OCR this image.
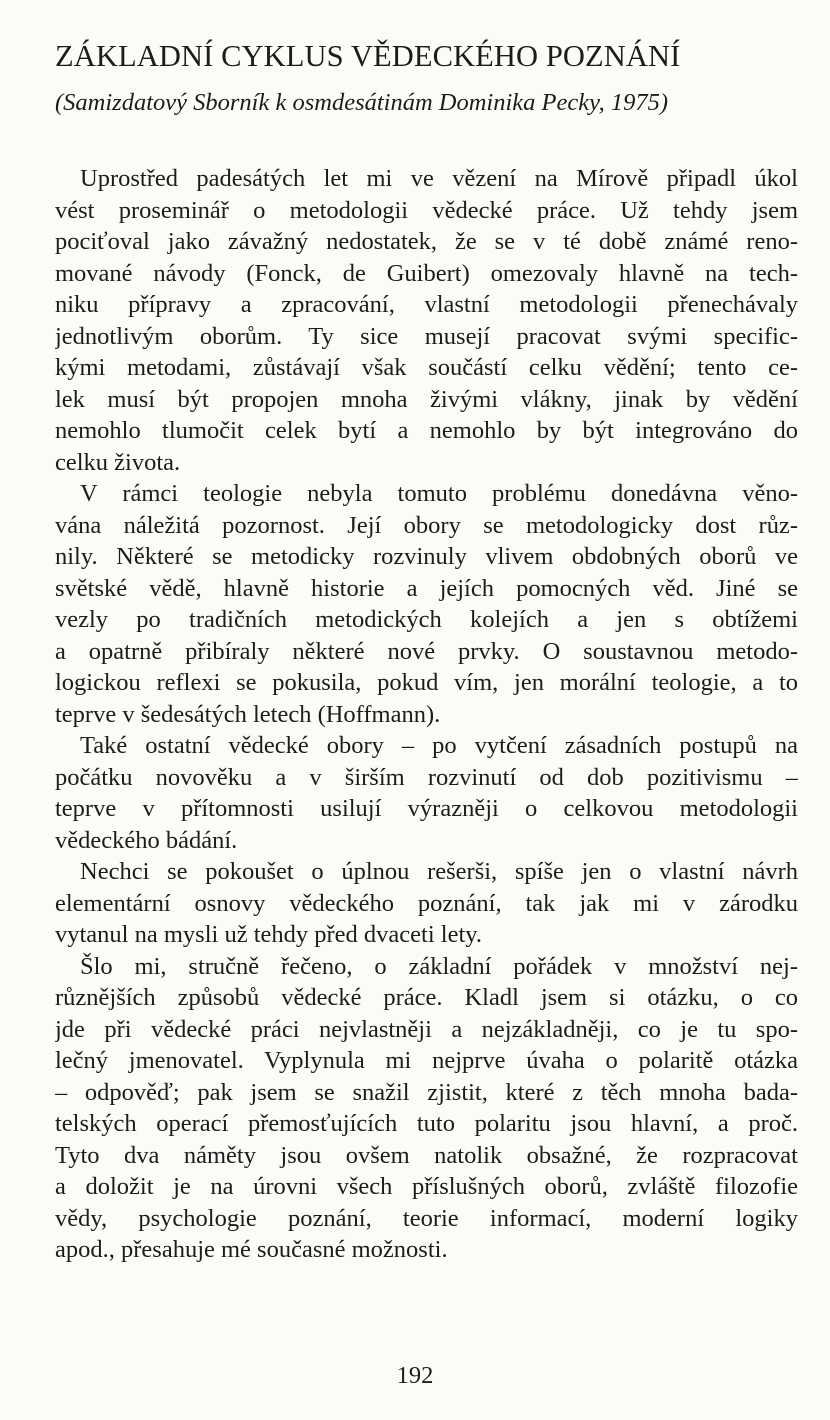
ZÁKLADNÍ CYKLUS VĚDECKÉHO POZNÁNÍ
(Samizdatový Sborník k osmdesátinám Dominika Pecky, 1975)

Uprostřed padesátých let mi ve vězení na Mírově připadl úkol
vést proseminář o metodologii vědecké práce. Už tehdy jsem
pociťoval jako závažný nedostatek, že se v té době známé reno-
mované návody (Fonck, de Guibert) omezovaly hlavně na tech-
niku přípravy a zpracování, vlastní metodologii přenechávaly
jednotlivým oborům. Ty sice musejí pracovat svými specific-
kými metodami, zůstávají však součástí celku vědění; tento ce-
lek musí být propojen mnoha živými vlákny, jinak by vědění
nemohlo tlumočit celek bytí a nemohlo by být integrováno do
celku života.

V rámci teologie nebyla tomuto problému donedávna věno-
vána náležitá pozornost. Její obory se metodologicky dost růz-
nily. Některé se metodicky rozvinuly vlivem obdobných oborů ve
světské vědě, hlavně historie a jejích pomocných věd. Jiné se
vezly po tradičních metodických kolejích a jen s obtížemi
a opatrně přibíraly některé nové prvky. O soustavnou metodo-
logickou reflexi se pokusila, pokud vím, jen morální teologie, a to
teprve v šedesátých letech (Hoffmann).

Také ostatní vědecké obory – po vytčení zásadních postupů na
počátku novověku a v širším rozvinutí od dob pozitivismu –
teprve v přítomnosti usilují výrazněji o celkovou metodologii
vědeckého bádání.

Nechci se pokoušet o úplnou rešerši, spíše jen o vlastní návrh
elementární osnovy vědeckého poznání, tak jak mi v zárodku
vytanul na mysli už tehdy před dvaceti lety.

Šlo mi, stručně řečeno, o základní pořádek v množství nej-
různějších způsobů vědecké práce. Kladl jsem si otázku, o co
jde při vědecké práci nejvlastněji a nejzákladněji, co je tu spo-
lečný jmenovatel. Vyplynula mi nejprve úvaha o polaritě otázka
– odpověď; pak jsem se snažil zjistit, které z těch mnoha bada-
telských operací přemosťujících tuto polaritu jsou hlavní, a proč.
Tyto dva náměty jsou ovšem natolik obsažné, že rozpracovat
a doložit je na úrovni všech příslušných oborů, zvláště filozofie
vědy, psychologie poznání, teorie informací, moderní logiky
apod., přesahuje mé současné možnosti.

192
